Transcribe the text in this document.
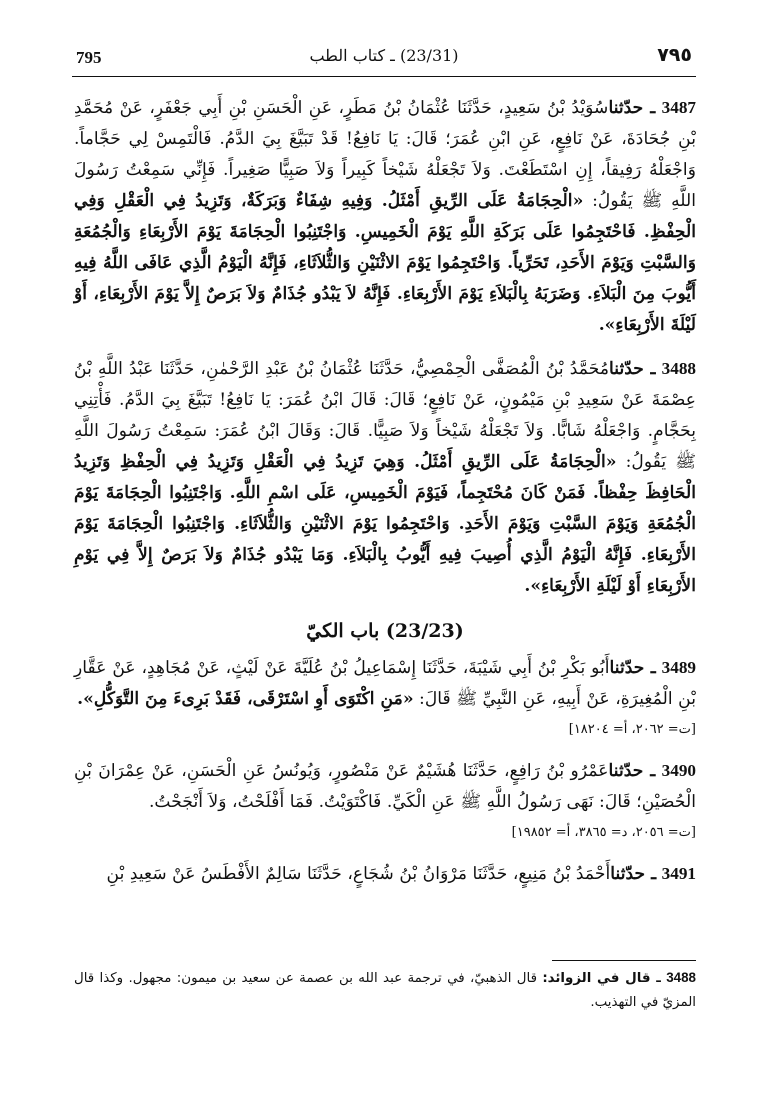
795	(23/31) ـ كتاب الطب	٧٩٥

3487 ـ حدّثناسُوَيْدُ بْنُ سَعِيدٍ، حَدَّثَنَا عُثْمَانُ بْنُ مَطَرٍ، عَنِ الْحَسَنِ بْنِ أَبِي جَعْفَرٍ، عَنْ مُحَمَّدِ بْنِ جُحَادَةَ، عَنْ نَافِعٍ، عَنِ ابْنِ عُمَرَ؛ قَالَ: يَا نَافِعُ! قَدْ تَبَيَّغَ بِيَ الدَّمُ. فَالْتَمِسْ لِي حَجَّاماً. وَاجْعَلْهُ رَفِيقاً، إِنِ اسْتَطَعْتَ. وَلاَ تَجْعَلْهُ شَيْخاً كَبِيراً وَلاَ صَبِيًّا صَغِيراً. فَإِنِّي سَمِعْتُ رَسُولَ اللَّهِ ﷺ يَقُولُ: «الْحِجَامَةُ عَلَى الرِّيقِ أَمْثَلُ. وَفِيهِ شِفَاءٌ وَبَرَكَةٌ، وَتَزِيدُ فِي الْعَقْلِ وَفِي الْحِفْظِ. فَاحْتَجِمُوا عَلَى بَرَكَةِ اللَّهِ يَوْمَ الْخَمِيسِ. وَاجْتَنِبُوا الْحِجَامَةَ يَوْمَ الأَرْبِعَاءِ وَالْجُمُعَةِ وَالسَّبْتِ وَيَوْمَ الأَحَدِ، تَحَرِّياً. وَاحْتَجِمُوا يَوْمَ الاثْنَيْنِ وَالثُّلاَثَاءِ، فَإِنَّهُ الْيَوْمُ الَّذِي عَافَى اللَّهُ فِيهِ أَيُّوبَ مِنَ الْبَلاَءِ. وَضَرَبَهُ بِالْبَلاَءِ يَوْمَ الأَرْبِعَاءِ. فَإِنَّهُ لاَ يَبْدُو جُذَامٌ وَلاَ بَرَصٌ إِلاَّ يَوْمَ الأَرْبِعَاءِ، أَوْ لَيْلَةَ الأَرْبِعَاءِ».

3488 ـ حدّثنامُحَمَّدُ بْنُ الْمُصَفَّى الْحِمْصِيُّ، حَدَّثَنَا عُثْمَانُ بْنُ عَبْدِ الرَّحْمٰنِ، حَدَّثَنَا عَبْدُ اللَّهِ بْنُ عِصْمَةَ عَنْ سَعِيدِ بْنِ مَيْمُونٍ، عَنْ نَافِعٍ؛ قَالَ: قَالَ ابْنُ عُمَرَ: يَا نَافِعُ! تَبَيَّغَ بِيَ الدَّمُ. فَأْتِنِي بِحَجَّامٍ. وَاجْعَلْهُ شَابًّا. وَلاَ تَجْعَلْهُ شَيْخاً وَلاَ صَبِيًّا. قَالَ: وَقَالَ ابْنُ عُمَرَ: سَمِعْتُ رَسُولَ اللَّهِ ﷺ يَقُولُ: «الْحِجَامَةُ عَلَى الرِّيقِ أَمْثَلُ. وَهِيَ تَزِيدُ فِي الْعَقْلِ وَتَزِيدُ فِي الْحِفْظِ وَتَزِيدُ الْحَافِظَ حِفْظاً. فَمَنْ كَانَ مُحْتَجِماً، فَيَوْمَ الْخَمِيسِ، عَلَى اسْمِ اللَّهِ. وَاجْتَنِبُوا الْحِجَامَةَ يَوْمَ الْجُمُعَةِ وَيَوْمَ السَّبْتِ وَيَوْمَ الأَحَدِ. وَاحْتَجِمُوا يَوْمَ الاثْنَيْنِ وَالثُّلاَثَاءِ. وَاجْتَنِبُوا الْحِجَامَةَ يَوْمَ الأَرْبِعَاءِ. فَإِنَّهُ الْيَوْمُ الَّذِي أُصِيبَ فِيهِ أَيُّوبُ بِالْبَلاَءِ. وَمَا يَبْدُو جُذَامٌ وَلاَ بَرَصٌ إِلاَّ فِي يَوْمِ الأَرْبِعَاءِ أَوْ لَيْلَةِ الأَرْبِعَاءِ».

(23/23) باب الكيّ

3489 ـ حدّثناأَبُو بَكْرِ بْنُ أَبِي شَيْبَةَ، حَدَّثَنَا إِسْمَاعِيلُ بْنُ عُلَيَّةَ عَنْ لَيْثٍ، عَنْ مُجَاهِدٍ، عَنْ عَقَّارِ بْنِ الْمُغِيرَةِ، عَنْ أَبِيهِ، عَنِ النَّبِيِّ ﷺ قَالَ: «مَنِ اكْتَوَى أَوِ اسْتَرْقَى، فَقَدْ بَرِىءَ مِنَ التَّوَكُّلِ».

[ت= ٢٠٦٢، أ= ١٨٢٠٤]

3490 ـ حدّثناعَمْرُو بْنُ رَافِعٍ، حَدَّثَنَا هُشَيْمٌ عَنْ مَنْصُورٍ، وَيُونُسُ عَنِ الْحَسَنِ، عَنْ عِمْرَانَ بْنِ الْحُصَيْنِ؛ قَالَ: نَهَى رَسُولُ اللَّهِ ﷺ عَنِ الْكَيِّ. فَاكْتَوَيْتُ. فَمَا أَفْلَحْتُ، وَلاَ أَنْجَحْتُ.

[ت= ٢٠٥٦، د= ٣٨٦٥، أ= ١٩٨٥٢]

3491 ـ حدّثناأَحْمَدُ بْنُ مَنِيعٍ، حَدَّثَنَا مَرْوَانُ بْنُ شُجَاعٍ، حَدَّثَنَا سَالِمٌ الأَفْطَسُ عَنْ سَعِيدِ بْنِ

3488 ـ قال في الزوائد: قال الذهبيّ، في ترجمة عبد الله بن عصمة عن سعيد بن ميمون: مجهول. وكذا قال المزيّ في التهذيب.
